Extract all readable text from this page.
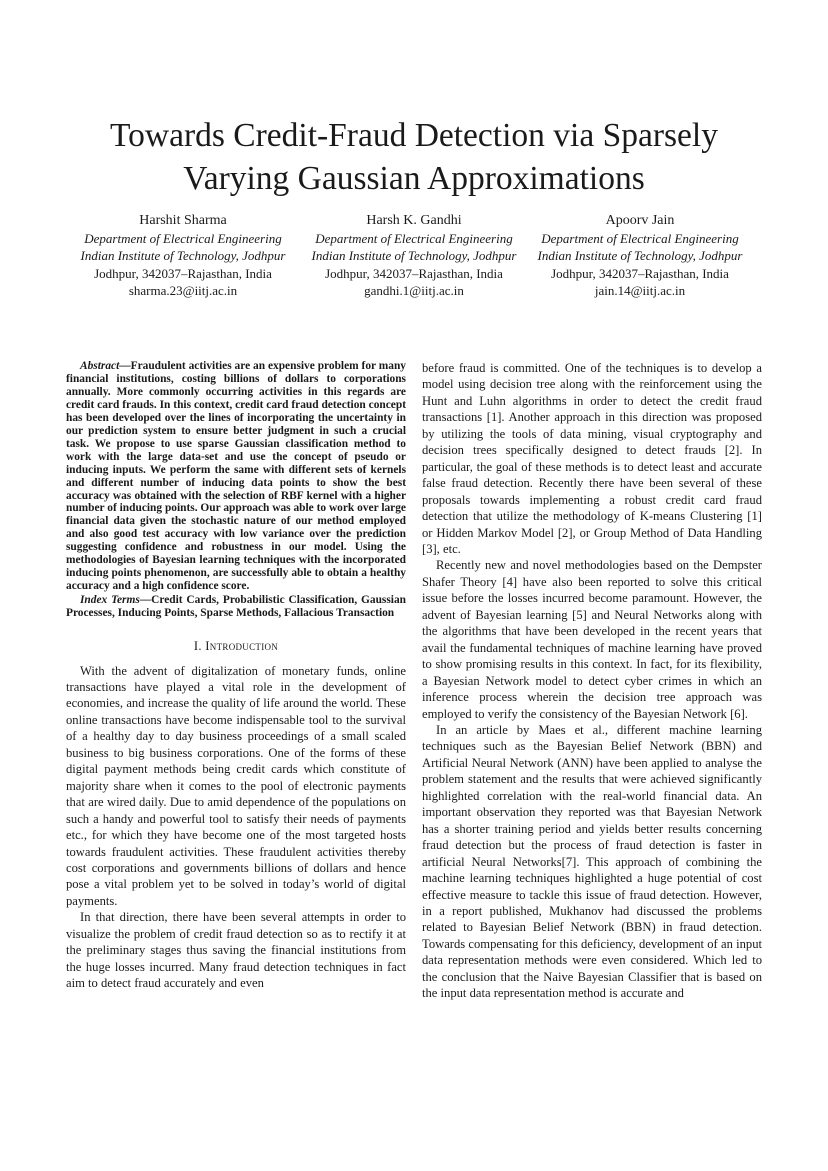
Towards Credit-Fraud Detection via Sparsely Varying Gaussian Approximations
Harshit Sharma
Department of Electrical Engineering
Indian Institute of Technology, Jodhpur
Jodhpur, 342037–Rajasthan, India
sharma.23@iitj.ac.in
Harsh K. Gandhi
Department of Electrical Engineering
Indian Institute of Technology, Jodhpur
Jodhpur, 342037–Rajasthan, India
gandhi.1@iitj.ac.in
Apoorv Jain
Department of Electrical Engineering
Indian Institute of Technology, Jodhpur
Jodhpur, 342037–Rajasthan, India
jain.14@iitj.ac.in

Abstract—Fraudulent activities are an expensive problem for many financial institutions, costing billions of dollars to corporations annually. More commonly occurring activities in this regards are credit card frauds. In this context, credit card fraud detection concept has been developed over the lines of incorporating the uncertainty in our prediction system to ensure better judgment in such a crucial task. We propose to use sparse Gaussian classification method to work with the large data-set and use the concept of pseudo or inducing inputs. We perform the same with different sets of kernels and different number of inducing data points to show the best accuracy was obtained with the selection of RBF kernel with a higher number of inducing points. Our approach was able to work over large financial data given the stochastic nature of our method employed and also good test accuracy with low variance over the prediction suggesting confidence and robustness in our model. Using the methodologies of Bayesian learning techniques with the incorporated inducing points phenomenon, are successfully able to obtain a healthy accuracy and a high confidence score.

Index Terms—Credit Cards, Probabilistic Classification, Gaussian Processes, Inducing Points, Sparse Methods, Fallacious Transaction

I. Introduction

With the advent of digitalization of monetary funds, online transactions have played a vital role in the development of economies, and increase the quality of life around the world. These online transactions have become indispensable tool to the survival of a healthy day to day business proceedings of a small scaled business to big business corporations. One of the forms of these digital payment methods being credit cards which constitute of majority share when it comes to the pool of electronic payments that are wired daily. Due to amid dependence of the populations on such a handy and powerful tool to satisfy their needs of payments etc., for which they have become one of the most targeted hosts towards fraudulent activities. These fraudulent activities thereby cost corporations and governments billions of dollars and hence pose a vital problem yet to be solved in today’s world of digital payments.

In that direction, there have been several attempts in order to visualize the problem of credit fraud detection so as to rectify it at the preliminary stages thus saving the financial institutions from the huge losses incurred. Many fraud detection techniques in fact aim to detect fraud accurately and even

before fraud is committed. One of the techniques is to develop a model using decision tree along with the reinforcement using the Hunt and Luhn algorithms in order to detect the credit fraud transactions [1]. Another approach in this direction was proposed by utilizing the tools of data mining, visual cryptography and decision trees specifically designed to detect frauds [2]. In particular, the goal of these methods is to detect least and accurate false fraud detection. Recently there have been several of these proposals towards implementing a robust credit card fraud detection that utilize the methodology of K-means Clustering [1] or Hidden Markov Model [2], or Group Method of Data Handling [3], etc.

Recently new and novel methodologies based on the Dempster Shafer Theory [4] have also been reported to solve this critical issue before the losses incurred become paramount. However, the advent of Bayesian learning [5] and Neural Networks along with the algorithms that have been developed in the recent years that avail the fundamental techniques of machine learning have proved to show promising results in this context. In fact, for its flexibility, a Bayesian Network model to detect cyber crimes in which an inference process wherein the decision tree approach was employed to verify the consistency of the Bayesian Network [6].

In an article by Maes et al., different machine learning techniques such as the Bayesian Belief Network (BBN) and Artificial Neural Network (ANN) have been applied to analyse the problem statement and the results that were achieved significantly highlighted correlation with the real-world financial data. An important observation they reported was that Bayesian Network has a shorter training period and yields better results concerning fraud detection but the process of fraud detection is faster in artificial Neural Networks[7]. This approach of combining the machine learning techniques highlighted a huge potential of cost effective measure to tackle this issue of fraud detection. However, in a report published, Mukhanov had discussed the problems related to Bayesian Belief Network (BBN) in fraud detection. Towards compensating for this deficiency, development of an input data representation methods were even considered. Which led to the conclusion that the Naive Bayesian Classifier that is based on the input data representation method is accurate and
